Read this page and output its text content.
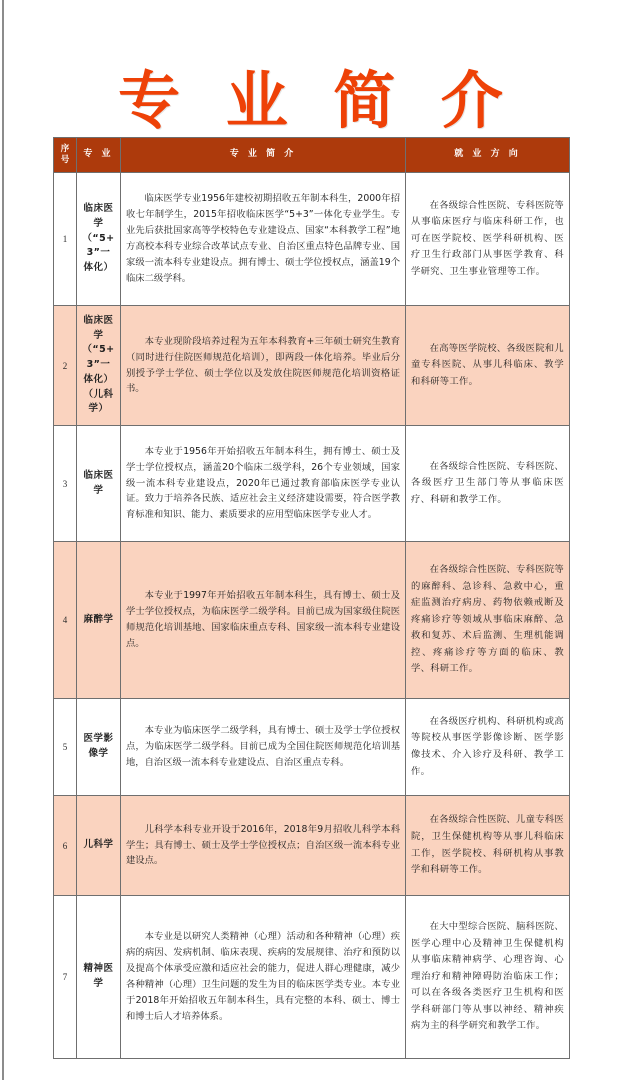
专 业 简 介
序
号	专 业	专 业 简 介	就 业 方 向
1	临床医学（“5+3”一体化）	临床医学专业1956年建校初期招收五年制本科生，2000年招收七年制学生，2015年招收临床医学“5+3”一体化专业学生。专业先后获批国家高等学校特色专业建设点、国家“本科教学工程”地方高校本科专业综合改革试点专业、自治区重点特色品牌专业、国家级一流本科专业建设点。拥有博士、硕士学位授权点，涵盖19个临床二级学科。	在各级综合性医院、专科医院等从事临床医疗与临床科研工作，也可在医学院校、医学科研机构、医疗卫生行政部门从事医学教育、科学研究、卫生事业管理等工作。
2	临床医学（“5+3”一体化）（儿科学）	本专业现阶段培养过程为五年本科教育+三年硕士研究生教育（同时进行住院医师规范化培训），即两段一体化培养。毕业后分别授予学士学位、硕士学位以及发放住院医师规范化培训资格证书。	在高等医学院校、各级医院和儿童专科医院、从事儿科临床、教学和科研等工作。
3	临床医学	本专业于1956年开始招收五年制本科生，拥有博士、硕士及学士学位授权点，涵盖20个临床二级学科，26个专业领域，国家级一流本科专业建设点，2020年已通过教育部临床医学专业认证。致力于培养各民族、适应社会主义经济建设需要，符合医学教育标准和知识、能力、素质要求的应用型临床医学专业人才。	在各级综合性医院、专科医院、各级医疗卫生部门等从事临床医疗、科研和教学工作。
4	麻醉学	本专业于1997年开始招收五年制本科生，具有博士、硕士及学士学位授权点，为临床医学二级学科。目前已成为国家级住院医师规范化培训基地、国家临床重点专科、国家级一流本科专业建设点。	在各级综合性医院、专科医院等的麻醉科、急诊科、急救中心，重症监测治疗病房、药物依赖戒断及疼痛诊疗等领域从事临床麻醉、急救和复苏、术后监测、生理机能调控、疼痛诊疗等方面的临床、教学、科研工作。
5	医学影像学	本专业为临床医学二级学科，具有博士、硕士及学士学位授权点，为临床医学二级学科。目前已成为全国住院医师规范化培训基地，自治区级一流本科专业建设点、自治区重点专科。	在各级医疗机构、科研机构或高等院校从事医学影像诊断、医学影像技术、介入诊疗及科研、教学工作。
6	儿科学	儿科学本科专业开设于2016年，2018年9月招收儿科学本科学生；具有博士、硕士及学士学位授权点；自治区级一流本科专业建设点。	在各级综合性医院、儿童专科医院，卫生保健机构等从事儿科临床工作，医学院校、科研机构从事教学和科研等工作。
7	精神医学	本专业是以研究人类精神（心理）活动和各种精神（心理）疾病的病因、发病机制、临床表现、疾病的发展规律、治疗和预防以及提高个体承受应激和适应社会的能力，促进人群心理健康，减少各种精神（心理）卫生问题的发生为目的临床医学类专业。本专业于2018年开始招收五年制本科生，具有完整的本科、硕士、博士和博士后人才培养体系。	在大中型综合医院、脑科医院、医学心理中心及精神卫生保健机构从事临床精神病学、心理咨询、心理治疗和精神障碍防治临床工作；可以在各级各类医疗卫生机构和医学科研部门等从事以神经、精神疾病为主的科学研究和教学工作。
